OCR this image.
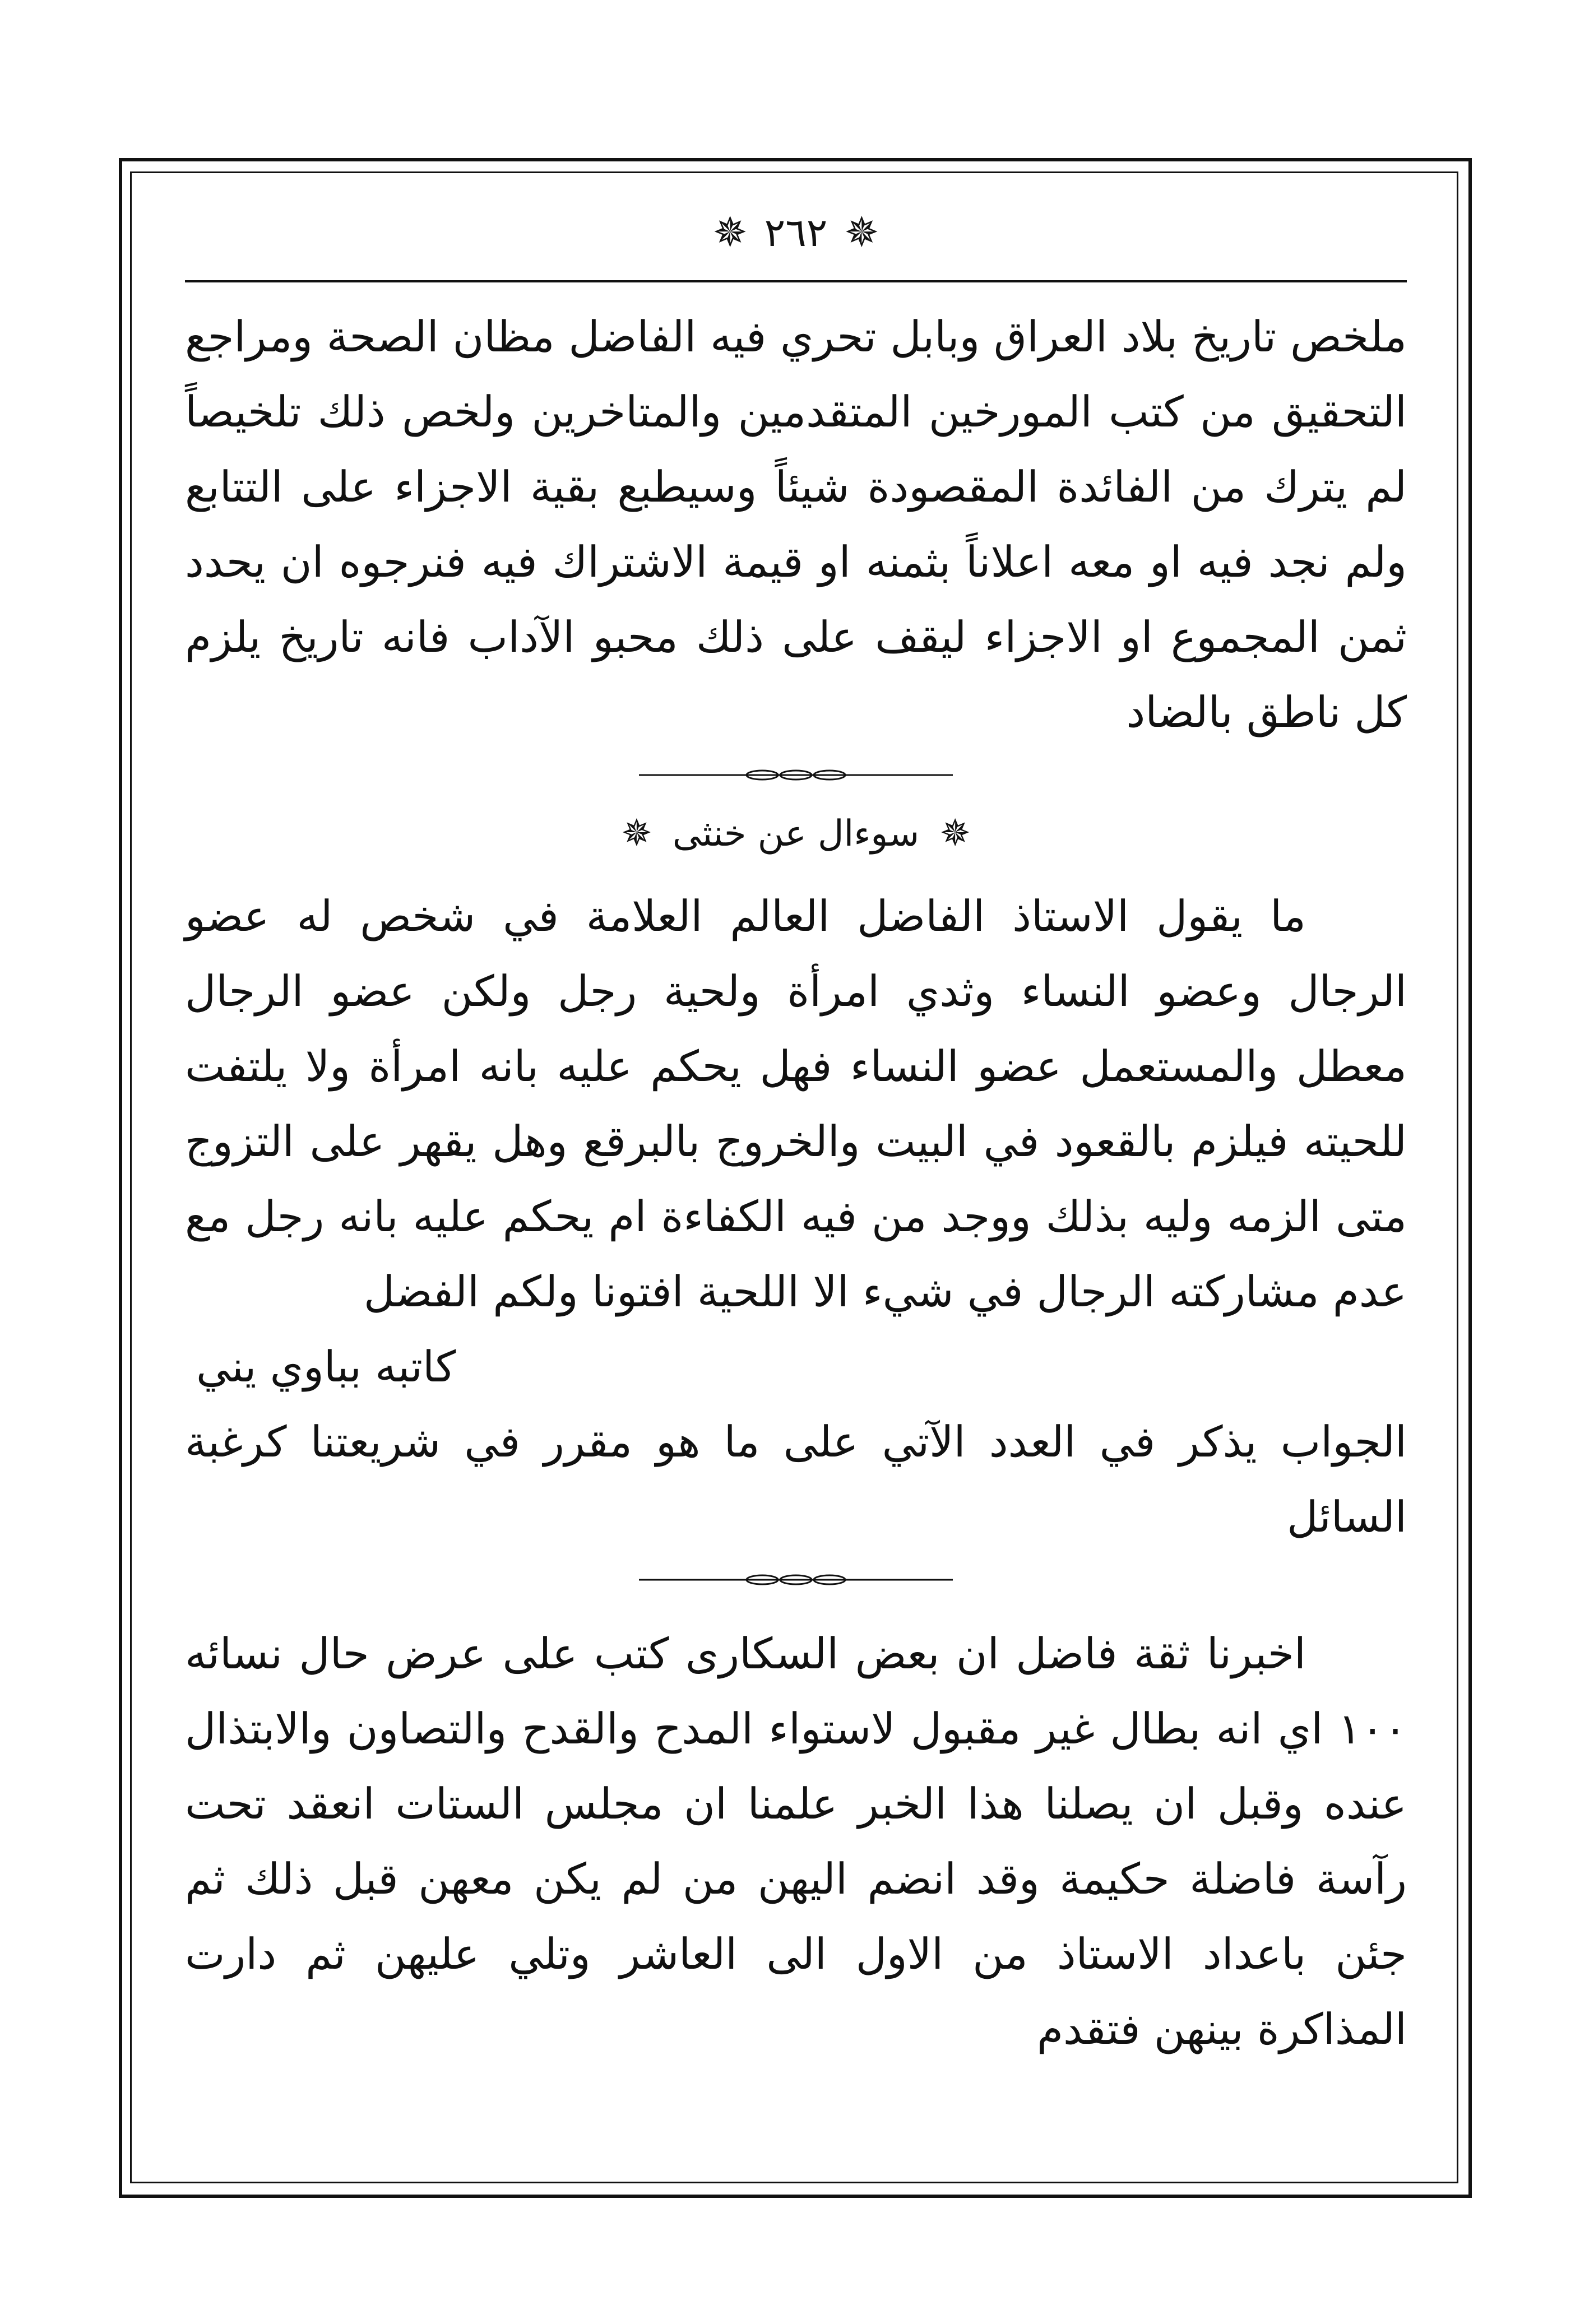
✵ ٢٦٢ ✵

ملخص تاريخ بلاد العراق وبابل تحري فيه الفاضل مظان الصحة ومراجع التحقيق من كتب المورخين المتقدمين والمتاخرين ولخص ذلك تلخيصاً لم يترك من الفائدة المقصودة شيئاً وسيطبع بقية الاجزاء على التتابع ولم نجد فيه او معه اعلاناً بثمنه او قيمة الاشتراك فيه فنرجوه ان يحدد ثمن المجموع او الاجزاء ليقف على ذلك محبو الآداب فانه تاريخ يلزم كل ناطق بالضاد

✵ سوءال عن خنثى ✵

ما يقول الاستاذ الفاضل العالم العلامة في شخص له عضو الرجال وعضو النساء وثدي امرأة ولحية رجل ولكن عضو الرجال معطل والمستعمل عضو النساء فهل يحكم عليه بانه امرأة ولا يلتفت للحيته فيلزم بالقعود في البيت والخروج بالبرقع وهل يقهر على التزوج متى الزمه وليه بذلك ووجد من فيه الكفاءة ام يحكم عليه بانه رجل مع عدم مشاركته الرجال في شيء الا اللحية افتونا ولكم الفضل

كاتبه بباوي يني

الجواب يذكر في العدد الآتي على ما هو مقرر في شريعتنا كرغبة السائل

اخبرنا ثقة فاضل ان بعض السكارى كتب على عرض حال نسائه ١٠٠ اي انه بطال غير مقبول لاستواء المدح والقدح والتصاون والابتذال عنده وقبل ان يصلنا هذا الخبر علمنا ان مجلس الستات انعقد تحت رآسة فاضلة حكيمة وقد انضم اليهن من لم يكن معهن قبل ذلك ثم جئن باعداد الاستاذ من الاول الى العاشر وتلي عليهن ثم دارت المذاكرة بينهن فتقدم
